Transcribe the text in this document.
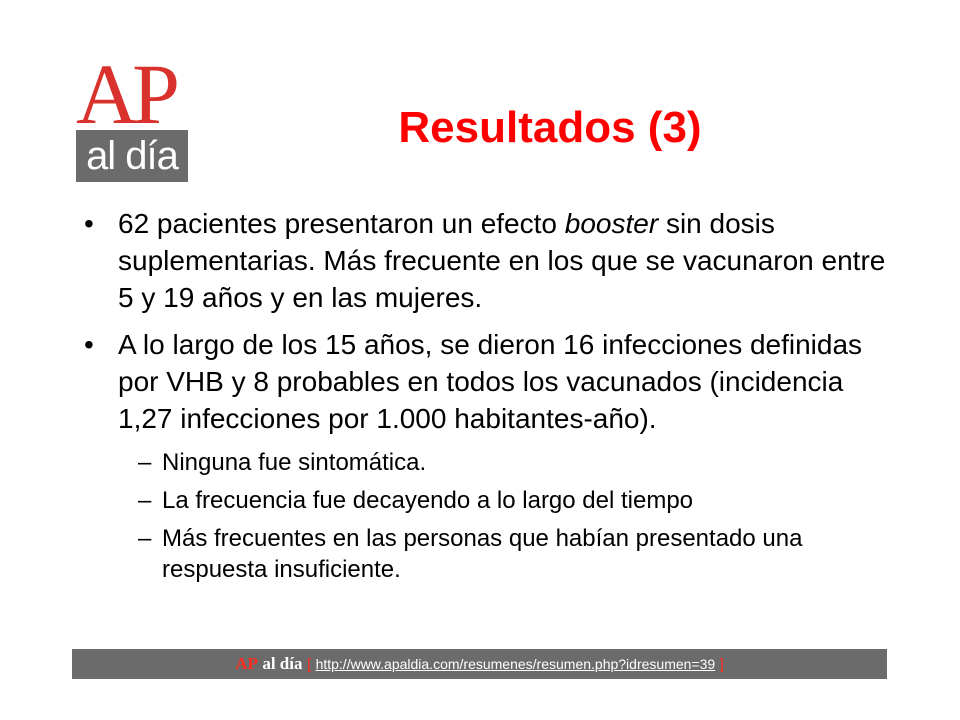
AP
al día
Resultados (3)
• 62 pacientes presentaron un efecto booster sin dosis suplementarias. Más frecuente en los que se vacunaron entre 5 y 19 años y en las mujeres.
• A lo largo de los 15 años, se dieron 16 infecciones definidas por VHB y 8 probables en todos los vacunados (incidencia 1,27 infecciones por 1.000 habitantes-año).
– Ninguna fue sintomática.
– La frecuencia fue decayendo a lo largo del tiempo
– Más frecuentes en las personas que habían presentado una respuesta insuficiente.
AP al día [ http://www.apaldia.com/resumenes/resumen.php?idresumen=39 ]
